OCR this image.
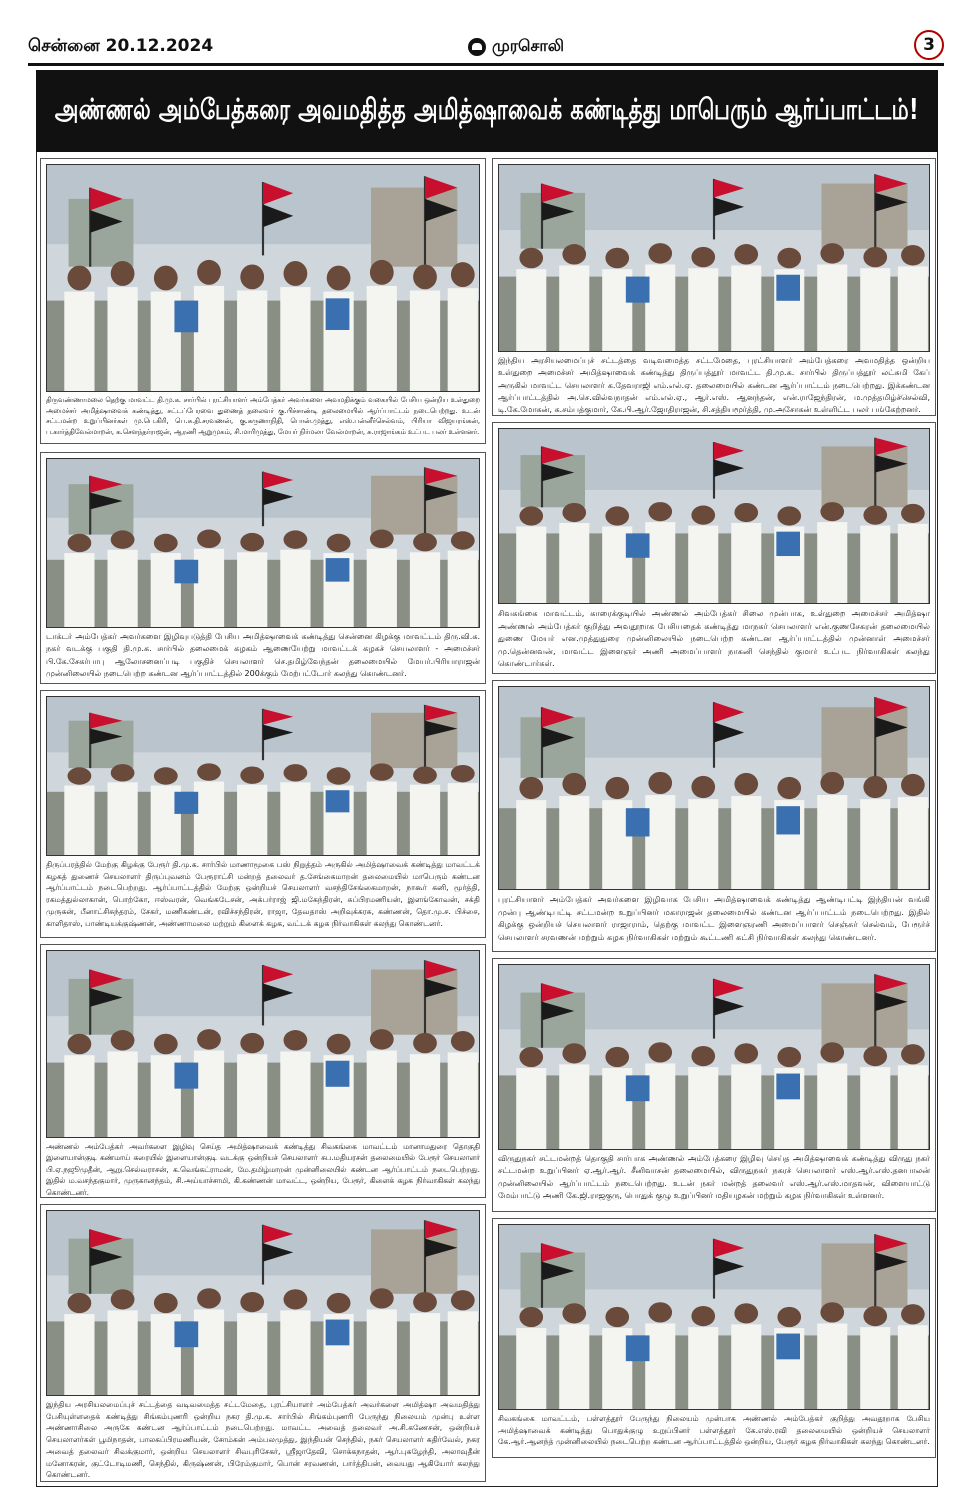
சென்னை 20.12.2024	முரசொலி	3
அண்ணல் அம்பேத்கரை அவமதித்த அமித்ஷாவைக் கண்டித்து மாபெரும் ஆர்ப்பாட்டம்!

திருவண்ணாமலை தெற்கு மாவட்ட தி.மு.க. சார்பில் புரட்சியாளர் அம்பேத்கர் அவர்களை அவமதிக்கும் வகையில் பேசிய ஒன்றிய உள்துறை அமைச்சர் அமித்ஷாவைக் கண்டித்து, சட்டப்பேரவை துணைத் தலைவர் கு.பிச்சாண்டி தலைமையில் ஆர்ப்பாட்டம் நடைபெற்றது. உடன் சட்டமன்ற உறுப்பினர்கள் மு.பெ.கிரி, பெ.சு.தி.சரவணன், கு.கருணாநிதி, பொன்.முத்து, எஸ்.பன்னீர்செல்வம், பிரியா விஜயரங்கன், ப.கார்த்திவேல்மாறன், க.சௌந்தர்ராஜன், ஆரணி ஆறுமுகம், சி.மாரிமுத்து, மேயர் நிர்மலா வேல்மாறன், சு.ராஜாங்கம் உட்பட பலர் உள்ளனர்.

இந்திய அரசியலமைப்புச் சட்டத்தை வடிவமைத்த சட்டமேதை, புரட்சியாளர் அம்பேத்கரை அவமதித்த ஒன்றிய உள்துறை அமைச்சர் அமித்ஷாவைக் கண்டித்து திருப்பத்தூர் மாவட்ட தி.மு.க. சார்பில் திருப்பத்தூர் லட்சுமி கேப் அருகில் மாவட்ட செயலாளர் க.தேவராஜி எம்.எல்.ஏ. தலைமையில் கண்டன ஆர்ப்பாட்டம் நடைபெற்றது. இக்கண்டன ஆர்ப்பாட்டத்தில் அ.செ.வில்வநாதன் எம்.எல்.ஏ., ஆர்.எஸ். ஆனந்தன், என்.ராஜேந்திரன், ம.முத்தமிழ்ச்செல்வி, டி.கே.மோகன், க.சம்பத்குமார், கே.பி.ஆர்.ஜோதிராஜன், சி.சத்தியமூர்த்தி, மு.அசோகன் உள்ளிட்ட பலர் பங்கேற்றனர்.

டாக்டர் அம்பேத்கர் அவர்களை இழிவுபடுத்தி பேசிய அமித்ஷாவைக் கண்டித்து சென்னை கிழக்கு மாவட்டம் திரு.வி.க. நகர் வடக்கு பகுதி தி.மு.க. சார்பில் தலைமைக் கழகம் ஆணையேற்று மாவட்டக் கழகச் செயலாளர் - அமைச்சர் பி.கே.சேகர்பாபு ஆலோசனைப்படி பகுதிச் செயலாளர் செ.தமிழ்வேந்தன் தலைமையில் மேயர்.பிரியாராஜன் முன்னிலையில் நடைபெற்ற கண்டன ஆர்ப்பாட்டத்தில் 200க்கும் மேற்பட்டோர் கலந்து கொண்டனர்.

சிவகங்கை மாவட்டம், காரைக்குடியில் அண்ணல் அம்பேத்கர் சிலை முன்பாக, உள்துறை அமைச்சர் அமித்ஷா அண்ணல் அம்பேத்கர் குறித்து அவதூறாக பேசியதைக் கண்டித்து மாநகர் செயலாளர் என்.குணசேகரன் தலைமையில் துணை மேயர் என.முத்துதுரை முன்னிலையில் நடைபெற்ற கண்டன ஆர்ப்பாட்டத்தில் முன்னாள் அமைச்சர் மு.தென்னவன், மாவட்ட இளைஞர் அணி அமைப்பாளர் நாகனி செந்தில் குமார் உட்பட நிர்வாகிகள் கலந்து கொண்டார்கள்.

திருப்பரத்தில் மேற்கு கிழக்கு பேரூர் தி.மு.க. சார்பில் மாணாமூகை பஸ் நிறுத்தம் அருகில் அமித்ஷாவைக் கண்டித்து மாவட்டக் கழகத் துணைச் செயலாளர் திருப்புவனம் பேரூராட்சி மன்றத் தலைவர் த.சேங்கைமாறன் தலைமையில் மாபெரும் கண்டன ஆர்ப்பாட்டம் நடைபெற்றது. ஆர்ப்பாட்டத்தில் மேற்கு ஒன்றியச் செயலாளர் வசந்திசேங்கைமாறன், நாகூர் கனி, மூர்த்தி, ரகமத்துல்லாகான், பொற்கோ, ஈஸ்வரன், வெங்கடேசன், அக்பர்ராஜ் ஜி.மகேந்திரன், சுப்பிரமணியன், இளங்கோவன், சக்தி முருகன், பீனாட்சிசுந்தரம், சேகர், மணிகண்டன், ரவிச்சந்திரன், ராஜா, தேவதாஸ் அறிவுக்கரசு, கண்ணன், தொ.மு.ச. பிச்சை, காளிதாஸ், பாண்டியக்குஷ்ணன், அண்ணாமலை மற்றும் கிளைக் கழக, வட்டக் கழக நிர்வாகிகள் கலந்து கொண்டனர்.

புரட்சியாளர் அம்பேத்கர் அவர்களை இழிவாக பேசிய அமித்ஷாவைக் கண்டித்து ஆண்டிபட்டி இந்தியன் வங்கி முன்பு ஆண்டிபட்டி சட்டமன்ற உறுப்பினர் மகாராஜன் தலைமையில் கண்டன ஆர்ப்பாட்டம் நடைபெற்றது. இதில் கிழக்கு ஒன்றியச் செயலாளர் ராஜாராம், தெற்கு மாவட்ட இளைஞரணி அமைப்பாளர் செஞ்சுர் செல்வம், பேரூர்ச் செயலாளர் சரவணன் மற்றும் கழக நிர்வாகிகள் மற்றும் கூட்டணி கட்சி நிர்வாகிகள் கலந்து கொண்டனர்.

அண்ணல் அம்பேத்கர் அவர்களை இழிவு செய்த அமித்ஷாவைக் கண்டித்து சிவகங்கை மாவட்டம் மானாமதுரை தொகுதி இளையான்குடி கண்மாய் கரையில் இளையான்குடி வடக்கு ஒன்றியச் செயலாளர் சுப.மதியரசன் தலைமையில் பேரூர் செயலாளர் பி.ஏ.நஜூமுதீன், ஆறு.செல்வராசன், க.வெங்கட்ராமன், மே.தமிழ்மாறன் முன்னிலையில் கண்டன ஆர்ப்பாட்டம் நடைபெற்றது. இதில் ம.வசந்தகுமார், முருகானந்தம், சி.அய்யாச்சாமி, கி.கண்ணன் மாவட்ட, ஒன்றிய, பேரூர், கிளைக் கழக நிர்வாகிகள் கலந்து கொண்டனர்.

விருதுநகர் சட்டமன்றத் தொகுதி சார்பாக அண்ணல் அம்பேத்கரை இழிவு செய்த அமித்ஷாவைக் கண்டித்து விருது நகர் சட்டமன்ற உறுப்பினர் ஏ.ஆர்.ஆர். சீனிவாசன் தலைமையில், விருதுநகர் நகரச் செயலாளர் எஸ்.ஆர்.எஸ்.தனபாலன் முன்னிலையில் ஆர்ப்பாட்டம் நடைபெற்றது. உடன் நகர் மன்றத் தலைவர் எஸ்.ஆர்.எஸ்.மாதவன், விளையாட்டு மேம்பாட்டு அணி கே.ஜி.ராஜகுரு, பொதுக் குழு உறுப்பினர் மதியழகன் மற்றும் கழக நிர்வாகிகள் உள்ளனர்.

இந்திய அரசியலமைப்புச் சட்டத்தை வடிவமைத்த சட்டமேதை, புரட்சியாளர் அம்பேத்கர் அவர்களை அமித்ஷா அவமதித்து பேசியுள்ளதைக் கண்டித்து சிங்கம்புணரி ஒன்றிய நகர தி.மு.க. சார்பில் சிங்கம்புணரி பேருந்து நிலையம் முன்பு உள்ள அண்ணாசிலை அருகே கண்டன ஆர்ப்பாட்டம் நடைபெற்றது. மாவட்ட அவைத் தலைவர் அ.சி.கணேசன், ஒன்றியச் செயலாளர்கள் பூமிநாதன், பாலகப்பிரமணியன், சோம்கன் அம்பலமுத்து, இந்தியன் செந்தில், நகர் செயலாளர் கதிர்வேல், நகர அவைத் தலைவர் சிவக்குமார், ஒன்றிய செயலாளர் சிவபுரிசேகர், ஸ்ரீஜாதேவி, சொக்கநாதன், ஆர்.புகழேந்தி, அலாவுதீன் மனோகரன், குட்டோடிமணி, செந்தில், கிருஷ்ணன், பிரேம்குமார், பொன் சரவணன், பார்த்திபன், வையது ஆகியோர் கலந்து கொண்டனர்.

சிவகங்கை மாவட்டம், பள்ளத்தூர் பேருந்து நிலையம் முன்பாக அண்ணல் அம்பேத்கர் குறித்து அவதூறாக பேசிய அமித்ஷாவைக் கண்டித்து பொதுக்குழு உறுப்பினர் பள்ளத்தூர் கே.எஸ்.ரவி தலைமையில் ஒன்றியச் செயலாளர் கே.ஆர்.ஆனந்த் முன்னிலையில் நடைபெற்ற கண்டன ஆர்ப்பாட்டத்தில் ஒன்றிய, பேரூர் கழக நிர்வாகிகள் கலந்து கொண்டனர்.
